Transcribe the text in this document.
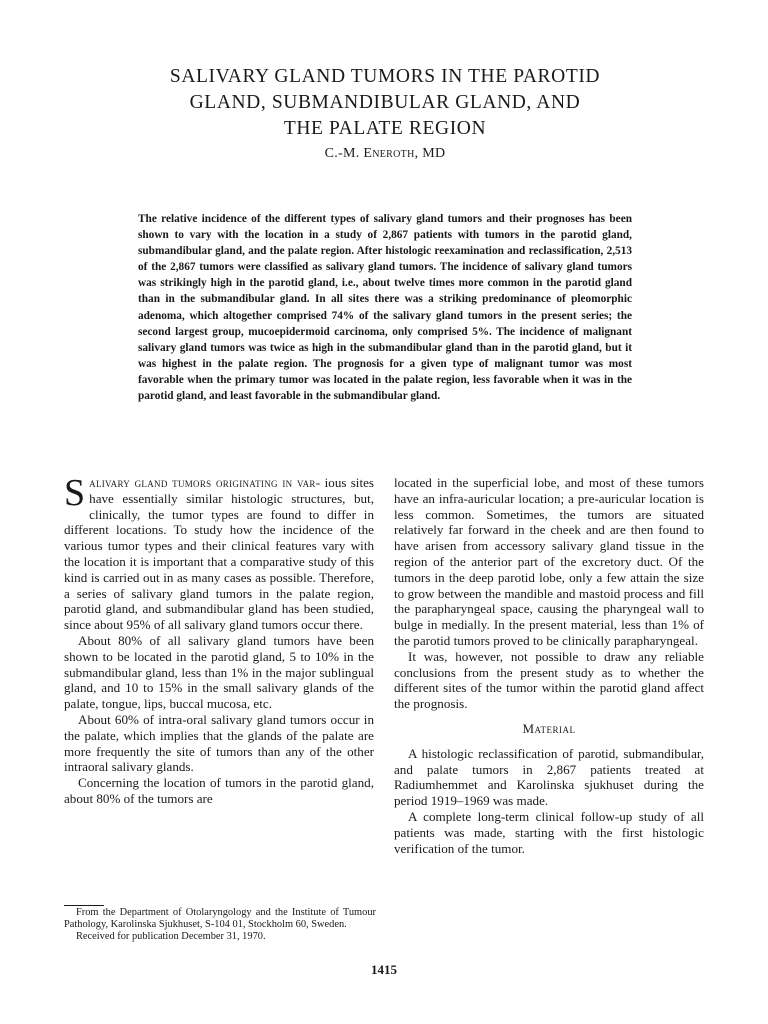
SALIVARY GLAND TUMORS IN THE PAROTID
GLAND, SUBMANDIBULAR GLAND, AND
THE PALATE REGION
C.-M. Eneroth, MD

The relative incidence of the different types of salivary gland tumors and their prognoses has been shown to vary with the location in a study of 2,867 patients with tumors in the parotid gland, submandibular gland, and the palate region. After histologic reexamination and reclassification, 2,513 of the 2,867 tumors were classified as salivary gland tumors. The incidence of salivary gland tumors was strikingly high in the parotid gland, i.e., about twelve times more common in the parotid gland than in the submandibular gland. In all sites there was a striking predominance of pleomorphic adenoma, which altogether comprised 74% of the salivary gland tumors in the present series; the second largest group, mucoepidermoid carcinoma, only comprised 5%. The incidence of malignant salivary gland tumors was twice as high in the submandibular gland than in the parotid gland, but it was highest in the palate region. The prognosis for a given type of malignant tumor was most favorable when the primary tumor was located in the palate region, less favorable when it was in the parotid gland, and least favorable in the submandibular gland.

Salivary gland tumors originating in var- ious sites have essentially similar histologic structures, but, clinically, the tumor types are found to differ in different locations. To study how the incidence of the various tumor types and their clinical features vary with the location it is important that a comparative study of this kind is carried out in as many cases as possible. Therefore, a series of salivary gland tumors in the palate region, parotid gland, and submandibular gland has been studied, since about 95% of all salivary gland tumors occur there.

About 80% of all salivary gland tumors have been shown to be located in the parotid gland, 5 to 10% in the submandibular gland, less than 1% in the major sublingual gland, and 10 to 15% in the small salivary glands of the palate, tongue, lips, buccal mucosa, etc.

About 60% of intra-oral salivary gland tumors occur in the palate, which implies that the glands of the palate are more frequently the site of tumors than any of the other intraoral salivary glands.

Concerning the location of tumors in the parotid gland, about 80% of the tumors are

located in the superficial lobe, and most of these tumors have an infra-auricular location; a pre-auricular location is less common. Sometimes, the tumors are situated relatively far forward in the cheek and are then found to have arisen from accessory salivary gland tissue in the region of the anterior part of the excretory duct. Of the tumors in the deep parotid lobe, only a few attain the size to grow between the mandible and mastoid process and fill the parapharyngeal space, causing the pharyngeal wall to bulge in medially. In the present material, less than 1% of the parotid tumors proved to be clinically parapharyngeal.

It was, however, not possible to draw any reliable conclusions from the present study as to whether the different sites of the tumor within the parotid gland affect the prognosis.

Material

A histologic reclassification of parotid, submandibular, and palate tumors in 2,867 patients treated at Radiumhemmet and Karolinska sjukhuset during the period 1919–1969 was made.

A complete long-term clinical follow-up study of all patients was made, starting with the first histologic verification of the tumor.

From the Department of Otolaryngology and the Institute of Tumour Pathology, Karolinska Sjukhuset, S-104 01, Stockholm 60, Sweden.

Received for publication December 31, 1970.

1415
